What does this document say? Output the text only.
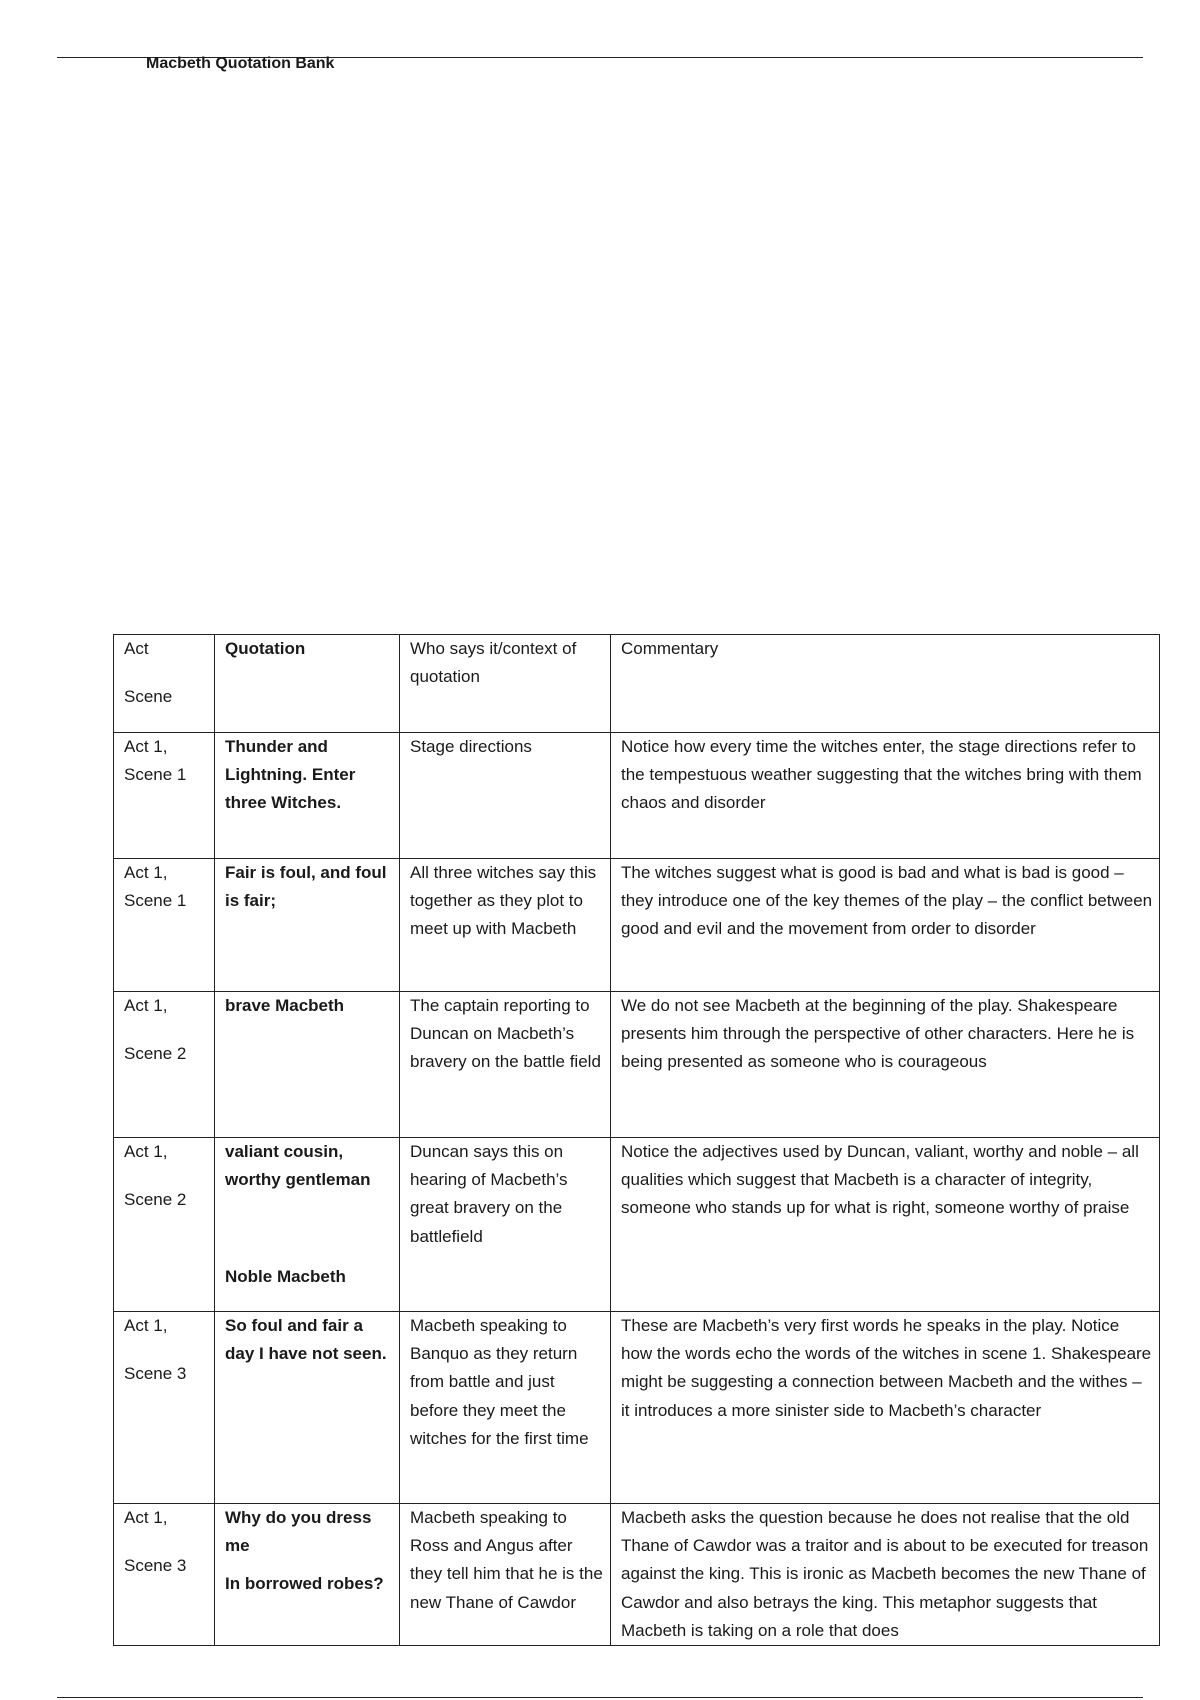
Macbeth Quotation Bank
Act
Scene	Quotation	Who says it/context of quotation	Commentary

Act 1,
Scene 1	Thunder and Lightning. Enter three Witches.	Stage directions	Notice how every time the witches enter, the stage directions refer to the tempestuous weather suggesting that the witches bring with them chaos and disorder

Act 1,
Scene 1	Fair is foul, and foul is fair;	All three witches say this together as they plot to meet up with Macbeth	The witches suggest what is good is bad and what is bad is good – they introduce one of the key themes of the play – the conflict between good and evil and the movement from order to disorder

Act 1,
Scene 2	brave Macbeth	The captain reporting to Duncan on Macbeth’s bravery on the battle field	We do not see Macbeth at the beginning of the play. Shakespeare presents him through the perspective of other characters. Here he is being presented as someone who is courageous

Act 1,
Scene 2	valiant cousin, worthy gentleman
Noble Macbeth	Duncan says this on hearing of Macbeth’s great bravery on the battlefield	Notice the adjectives used by Duncan, valiant, worthy and noble – all qualities which suggest that Macbeth is a character of integrity, someone who stands up for what is right, someone worthy of praise

Act 1,
Scene 3	So foul and fair a day I have not seen.	Macbeth speaking to Banquo as they return from battle and just before they meet the witches for the first time	These are Macbeth’s very first words he speaks in the play. Notice how the words echo the words of the witches in scene 1. Shakespeare might be suggesting a connection between Macbeth and the withes – it introduces a more sinister side to Macbeth’s character

Act 1,
Scene 3	Why do you dress me
In borrowed robes?	Macbeth speaking to Ross and Angus after they tell him that he is the new Thane of Cawdor	Macbeth asks the question because he does not realise that the old Thane of Cawdor was a traitor and is about to be executed for treason against the king. This is ironic as Macbeth becomes the new Thane of Cawdor and also betrays the king. This metaphor suggests that Macbeth is taking on a role that does
